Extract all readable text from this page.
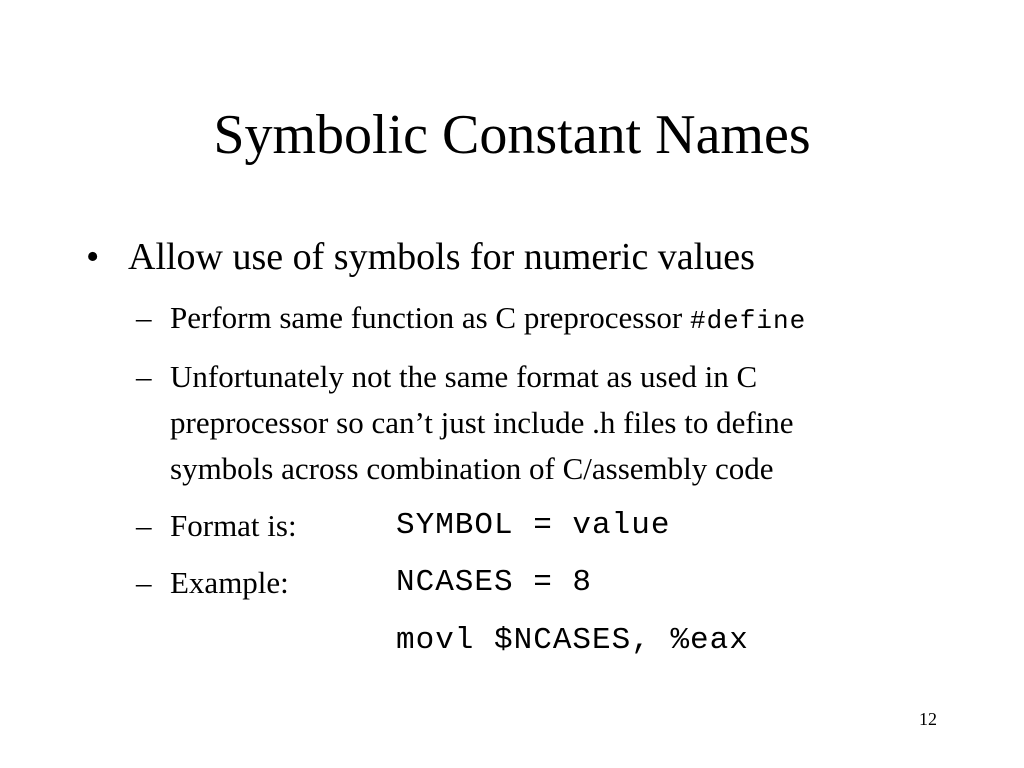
Symbolic Constant Names
• Allow use of symbols for numeric values
– Perform same function as C preprocessor #define
– Unfortunately not the same format as used in C
preprocessor so can’t just include .h files to define
symbols across combination of C/assembly code
– Format is:	SYMBOL = value
– Example:	NCASES = 8
movl $NCASES, %eax
12
